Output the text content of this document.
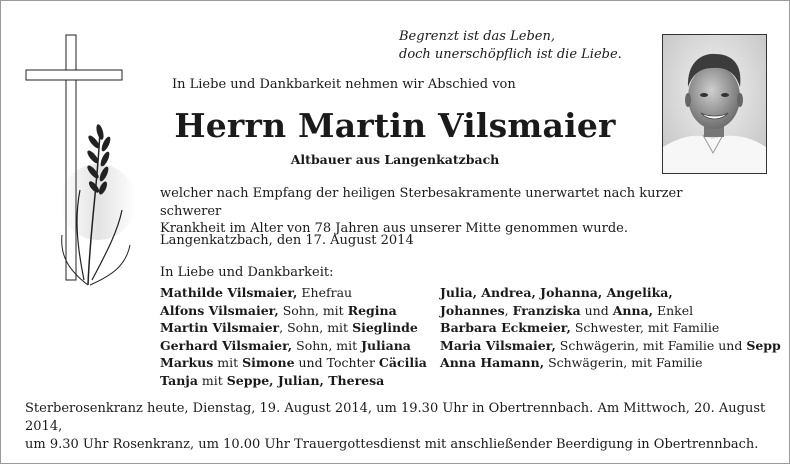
Begrenzt ist das Leben,
doch unerschöpflich ist die Liebe.
In Liebe und Dankbarkeit nehmen wir Abschied von
Herrn Martin Vilsmaier
Altbauer aus Langenkatzbach
welcher nach Empfang der heiligen Sterbesakramente unerwartet nach kurzer schwerer
Krankheit im Alter von 78 Jahren aus unserer Mitte genommen wurde.
Langenkatzbach, den 17. August 2014
In Liebe und Dankbarkeit:
Mathilde Vilsmaier, Ehefrau
Alfons Vilsmaier, Sohn, mit Regina
Martin Vilsmaier, Sohn, mit Sieglinde
Gerhard Vilsmaier, Sohn, mit Juliana
Markus mit Simone und Tochter Cäcilia
Tanja mit Seppe, Julian, Theresa
Julia, Andrea, Johanna, Angelika,
Johannes, Franziska und Anna, Enkel
Barbara Eckmeier, Schwester, mit Familie
Maria Vilsmaier, Schwägerin, mit Familie und Sepp
Anna Hamann, Schwägerin, mit Familie
Sterberosenkranz heute, Dienstag, 19. August 2014, um 19.30 Uhr in Obertrennbach. Am Mittwoch, 20. August 2014,
um 9.30 Uhr Rosenkranz, um 10.00 Uhr Trauergottesdienst mit anschließender Beerdigung in Obertrennbach.
